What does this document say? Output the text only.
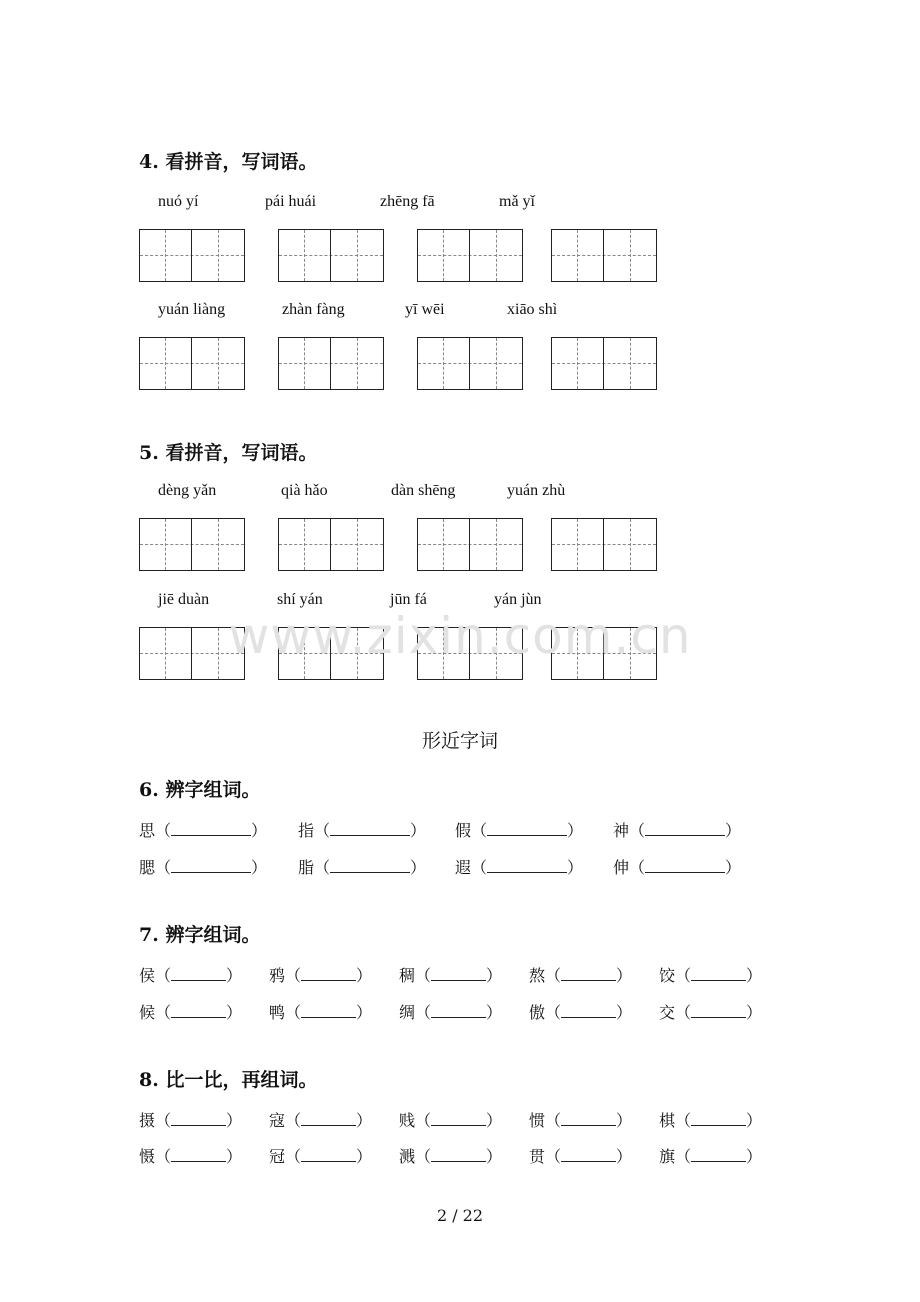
4. 看拼音，写词语。
nuó yí	pái huái	zhēng fā	mǎ yǐ
yuán liàng	zhàn fàng	yī wēi	xiāo shì
5. 看拼音，写词语。
dèng yǎn	qià hǎo	dàn shēng	yuán zhù
jiē duàn	shí yán	jūn fá	yán jùn
www.zixin.com.cn
形近字词
6. 辨字组词。
思（	） 指（	） 假（	） 神（	）
腮（	） 脂（	） 遐（	） 伸（	）
7. 辨字组词。
侯（	） 鸦（	） 稠（	） 熬（	） 饺（	）
候（	） 鸭（	） 绸（	） 傲（	） 交（	）
8. 比一比，再组词。
摄（	） 寇（	） 贱（	） 惯（	） 棋（	）
慑（	） 冠（	） 溅（	） 贯（	） 旗（	）
2 / 22
